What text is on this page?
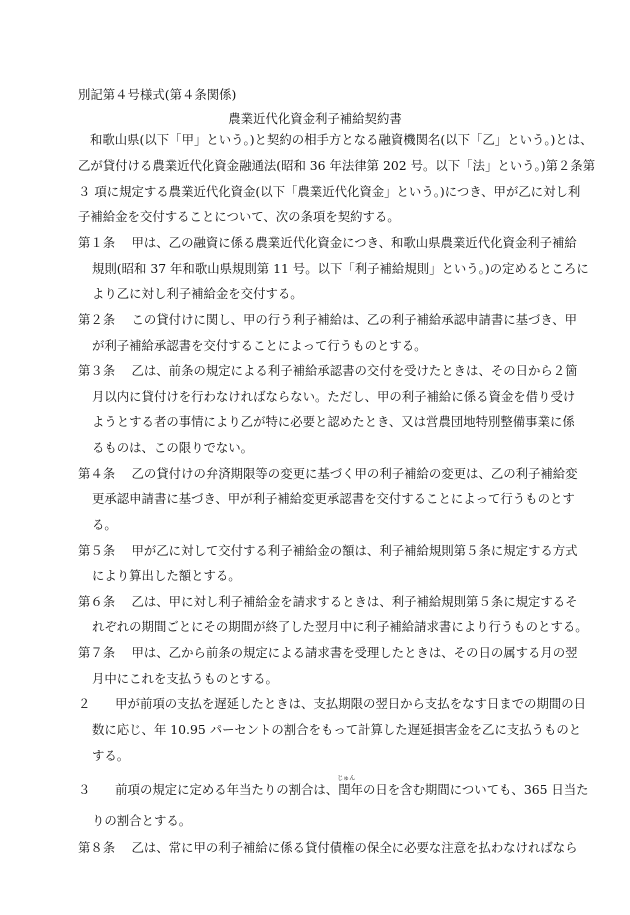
別記第４号様式(第４条関係)
農業近代化資金利子補給契約書
和歌山県(以下「甲」という。)と契約の相手方となる融資機関名(以下「乙」という。)とは、
乙が貸付ける農業近代化資金融通法(昭和 36 年法律第 202 号。以下「法」という。)第２条第
３ 項に規定する農業近代化資金(以下「農業近代化資金」という。)につき、甲が乙に対し利
子補給金を交付することについて、次の条項を契約する。
第１条　 甲は、乙の融資に係る農業近代化資金につき、和歌山県農業近代化資金利子補給
規則(昭和 37 年和歌山県規則第 11 号。以下「利子補給規則」という。)の定めるところに
より乙に対し利子補給金を交付する。
第２条　 この貸付けに関し、甲の行う利子補給は、乙の利子補給承認申請書に基づき、甲
が利子補給承認書を交付することによって行うものとする。
第３条　 乙は、前条の規定による利子補給承認書の交付を受けたときは、その日から２箇
月以内に貸付けを行わなければならない。ただし、甲の利子補給に係る資金を借り受け
ようとする者の事情により乙が特に必要と認めたとき、又は営農団地特別整備事業に係
るものは、この限りでない。
第４条　 乙の貸付けの弁済期限等の変更に基づく甲の利子補給の変更は、乙の利子補給変
更承認申請書に基づき、甲が利子補給変更承認書を交付することによって行うものとす
る。
第５条　 甲が乙に対して交付する利子補給金の額は、利子補給規則第５条に規定する方式
により算出した額とする。
第６条　 乙は、甲に対し利子補給金を請求するときは、利子補給規則第５条に規定するそ
れぞれの期間ごとにその期間が終了した翌月中に利子補給請求書により行うものとする。
第７条　 甲は、乙から前条の規定による請求書を受理したときは、その日の属する月の翌
月中にこれを支払うものとする。
２　　甲が前項の支払を遅延したときは、支払期限の翌日から支払をなす日までの期間の日
数に応じ、年 10.95 パーセントの割合をもって計算した遅延損害金を乙に支払うものと
する。
３　　前項の規定に定める年当たりの割合は、
じゅん
閏年の日を含む期間についても、365 日当た
りの割合とする。
第８条　 乙は、常に甲の利子補給に係る貸付債権の保全に必要な注意を払わなければなら
